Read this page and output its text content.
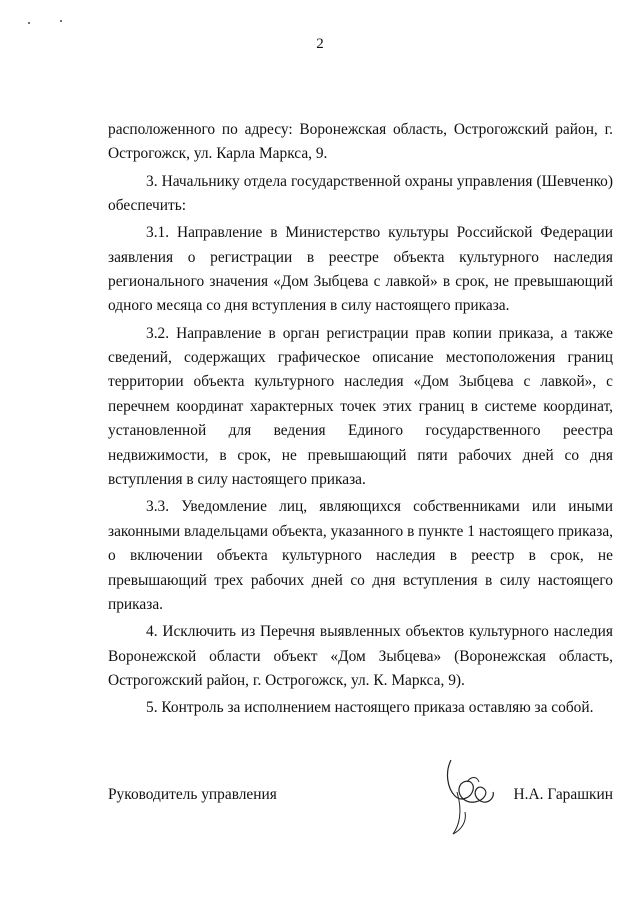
2

расположенного по адресу: Воронежская область, Острогожский район, г. Острогожск, ул. Карла Маркса, 9.

3. Начальнику отдела государственной охраны управления (Шевченко) обеспечить:

3.1. Направление в Министерство культуры Российской Федерации заявления о регистрации в реестре объекта культурного наследия регионального значения «Дом Зыбцева с лавкой» в срок, не превышающий одного месяца со дня вступления в силу настоящего приказа.

3.2. Направление в орган регистрации прав копии приказа, а также сведений, содержащих графическое описание местоположения границ территории объекта культурного наследия «Дом Зыбцева с лавкой», с перечнем координат характерных точек этих границ в системе координат, установленной для ведения Единого государственного реестра недвижимости, в срок, не превышающий пяти рабочих дней со дня вступления в силу настоящего приказа.

3.3. Уведомление лиц, являющихся собственниками или иными законными владельцами объекта, указанного в пункте 1 настоящего приказа, о включении объекта культурного наследия в реестр в срок, не превышающий трех рабочих дней со дня вступления в силу настоящего приказа.

4. Исключить из Перечня выявленных объектов культурного наследия Воронежской области объект «Дом Зыбцева» (Воронежская область, Острогожский район, г. Острогожск, ул. К. Маркса, 9).

5. Контроль за исполнением настоящего приказа оставляю за собой.

Руководитель управления	Н.А. Гарашкин
